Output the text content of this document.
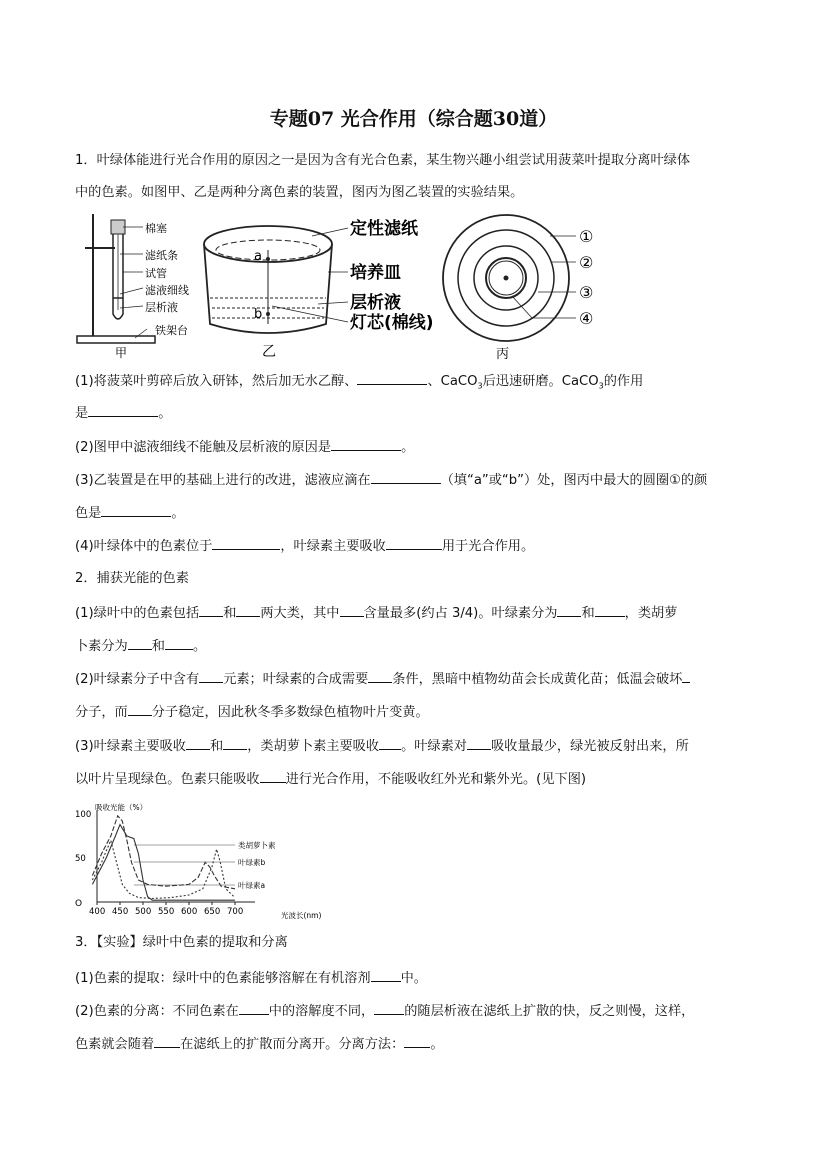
专题07 光合作用（综合题30道）
1．叶绿体能进行光合作用的原因之一是因为含有光合色素，某生物兴趣小组尝试用菠菜叶提取分离叶绿体
中的色素。如图甲、乙是两种分离色素的装置，图丙为图乙装置的实验结果。
棉塞
滤纸条
试管
滤液细线
层析液
铁架台
甲
a
b
定性滤纸
培养皿
层析液
灯芯(棉线)
乙
①
②
③
④
丙
(1)将菠菜叶剪碎后放入研钵，然后加无水乙醇、	、CaCO$_3$后迅速研磨。CaCO$_3$的作用
是	。
(2)图甲中滤液细线不能触及层析液的原因是	。
(3)乙装置是在甲的基础上进行的改进，滤液应滴在	（填“a”或“b”）处，图丙中最大的圆圈①的颜
色是	。
(4)叶绿体中的色素位于	，叶绿素主要吸收	用于光合作用。
2．捕获光能的色素
(1)绿叶中的色素包括 和 两大类，其中 含量最多(约占 3/4)。叶绿素分为 和 ，类胡萝
卜素分为 和 。
(2)叶绿素分子中含有 元素；叶绿素的合成需要 条件，黑暗中植物幼苗会长成黄化苗；低温会破坏
分子，而 分子稳定，因此秋冬季多数绿色植物叶片变黄。
(3)叶绿素主要吸收 和 ，类胡萝卜素主要吸收 。叶绿素对 吸收量最少，绿光被反射出来，所
以叶片呈现绿色。色素只能吸收 进行光合作用，不能吸收红外光和紫外光。(见下图)
吸收光能（%）
光波长(nm)
O
400 450 500 550 600 650 700
100
50
类胡萝卜素
叶绿素b
叶绿素a
3．【实验】绿叶中色素的提取和分离
(1)色素的提取：绿叶中的色素能够溶解在有机溶剂 中。
(2)色素的分离：不同色素在 中的溶解度不同， 的随层析液在滤纸上扩散的快，反之则慢，这样，
色素就会随着 在滤纸上的扩散而分离开。分离方法： 。
